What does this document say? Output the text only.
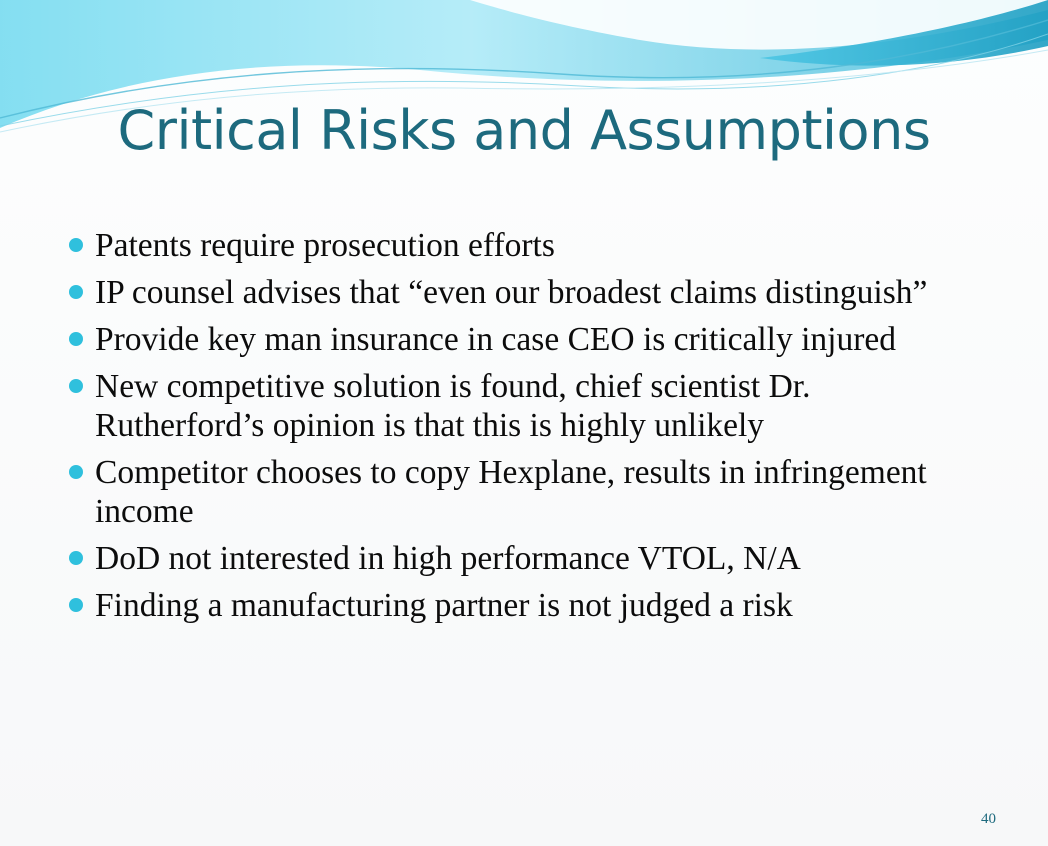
Critical Risks and Assumptions
Patents require prosecution efforts
IP counsel advises that “even our broadest claims distinguish”
Provide key man insurance in case CEO is critically injured
New competitive solution is found, chief scientist Dr. Rutherford’s opinion is that this is highly unlikely
Competitor chooses to copy Hexplane, results in infringement income
DoD not interested in high performance VTOL, N/A
Finding a manufacturing partner is not judged a risk
40
